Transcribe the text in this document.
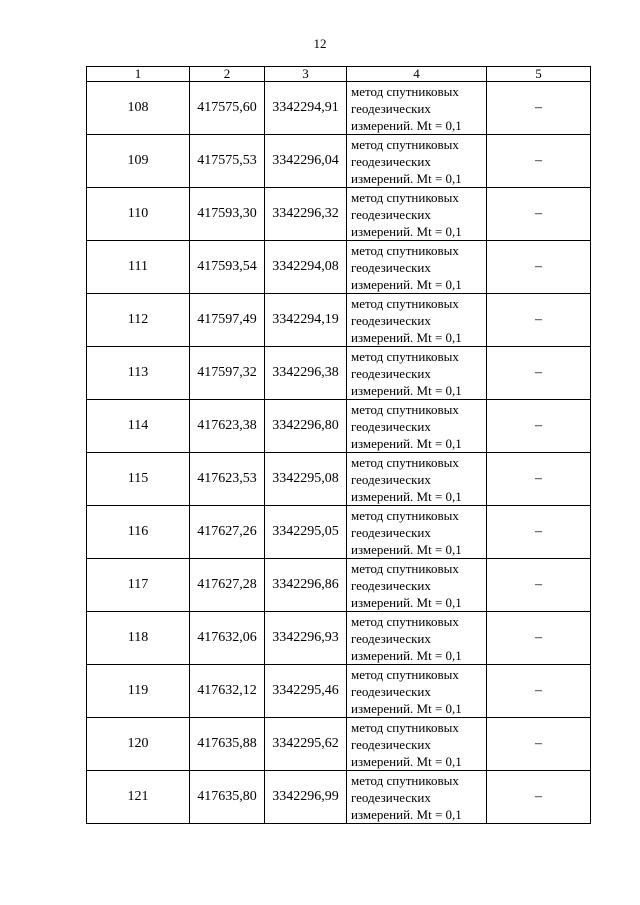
12
1	2	3	4	5
108	417575,60	3342294,91	метод спутниковых
геодезических
измерений. Mt = 0,1	–
109	417575,53	3342296,04	метод спутниковых
геодезических
измерений. Mt = 0,1	–
110	417593,30	3342296,32	метод спутниковых
геодезических
измерений. Mt = 0,1	–
111	417593,54	3342294,08	метод спутниковых
геодезических
измерений. Mt = 0,1	–
112	417597,49	3342294,19	метод спутниковых
геодезических
измерений. Mt = 0,1	–
113	417597,32	3342296,38	метод спутниковых
геодезических
измерений. Mt = 0,1	–
114	417623,38	3342296,80	метод спутниковых
геодезических
измерений. Mt = 0,1	–
115	417623,53	3342295,08	метод спутниковых
геодезических
измерений. Mt = 0,1	–
116	417627,26	3342295,05	метод спутниковых
геодезических
измерений. Mt = 0,1	–
117	417627,28	3342296,86	метод спутниковых
геодезических
измерений. Mt = 0,1	–
118	417632,06	3342296,93	метод спутниковых
геодезических
измерений. Mt = 0,1	–
119	417632,12	3342295,46	метод спутниковых
геодезических
измерений. Mt = 0,1	–
120	417635,88	3342295,62	метод спутниковых
геодезических
измерений. Mt = 0,1	–
121	417635,80	3342296,99	метод спутниковых
геодезических
измерений. Mt = 0,1	–
